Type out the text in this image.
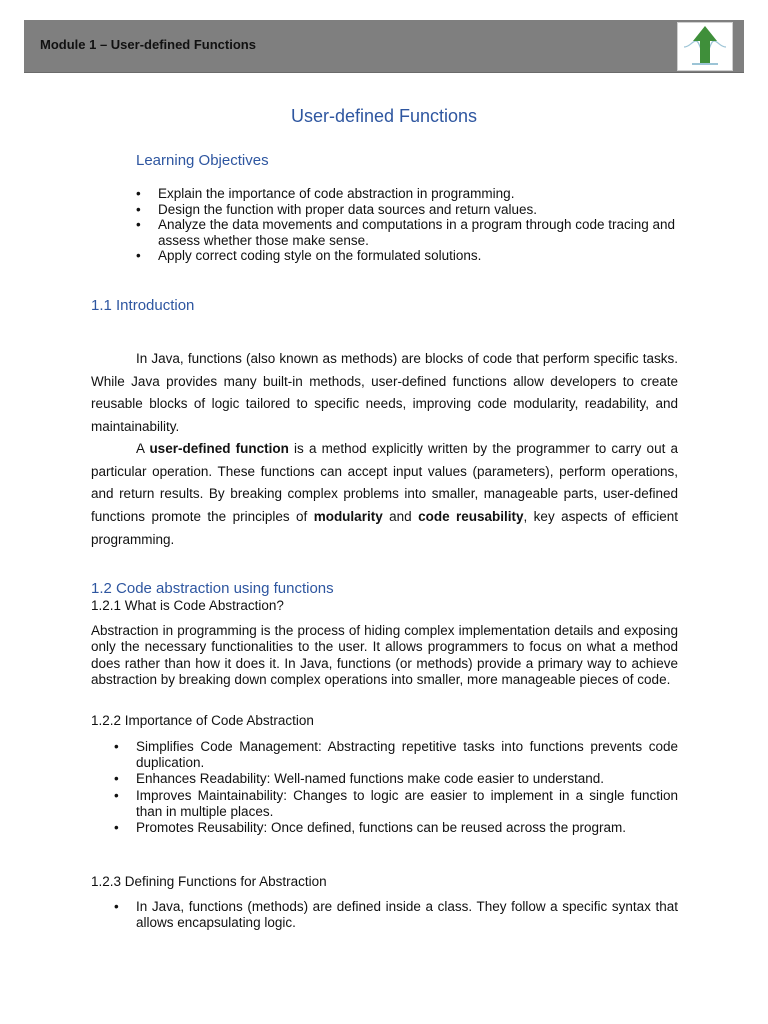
Module 1 – User-defined Functions
User-defined Functions
Learning Objectives
• Explain the importance of code abstraction in programming.
• Design the function with proper data sources and return values.
• Analyze the data movements and computations in a program through code tracing and assess whether those make sense.
• Apply correct coding style on the formulated solutions.
1.1 Introduction

In Java, functions (also known as methods) are blocks of code that perform specific tasks. While Java provides many built-in methods, user-defined functions allow developers to create reusable blocks of logic tailored to specific needs, improving code modularity, readability, and maintainability.

A user-defined function is a method explicitly written by the programmer to carry out a particular operation. These functions can accept input values (parameters), perform operations, and return results. By breaking complex problems into smaller, manageable parts, user-defined functions promote the principles of modularity and code reusability, key aspects of efficient programming.

1.2 Code abstraction using functions
1.2.1 What is Code Abstraction?

Abstraction in programming is the process of hiding complex implementation details and exposing only the necessary functionalities to the user. It allows programmers to focus on what a method does rather than how it does it. In Java, functions (or methods) provide a primary way to achieve abstraction by breaking down complex operations into smaller, more manageable pieces of code.

1.2.2 Importance of Code Abstraction
• Simplifies Code Management: Abstracting repetitive tasks into functions prevents code duplication.
• Enhances Readability: Well-named functions make code easier to understand.
• Improves Maintainability: Changes to logic are easier to implement in a single function than in multiple places.
• Promotes Reusability: Once defined, functions can be reused across the program.
1.2.3 Defining Functions for Abstraction
• In Java, functions (methods) are defined inside a class. They follow a specific syntax that allows encapsulating logic.
